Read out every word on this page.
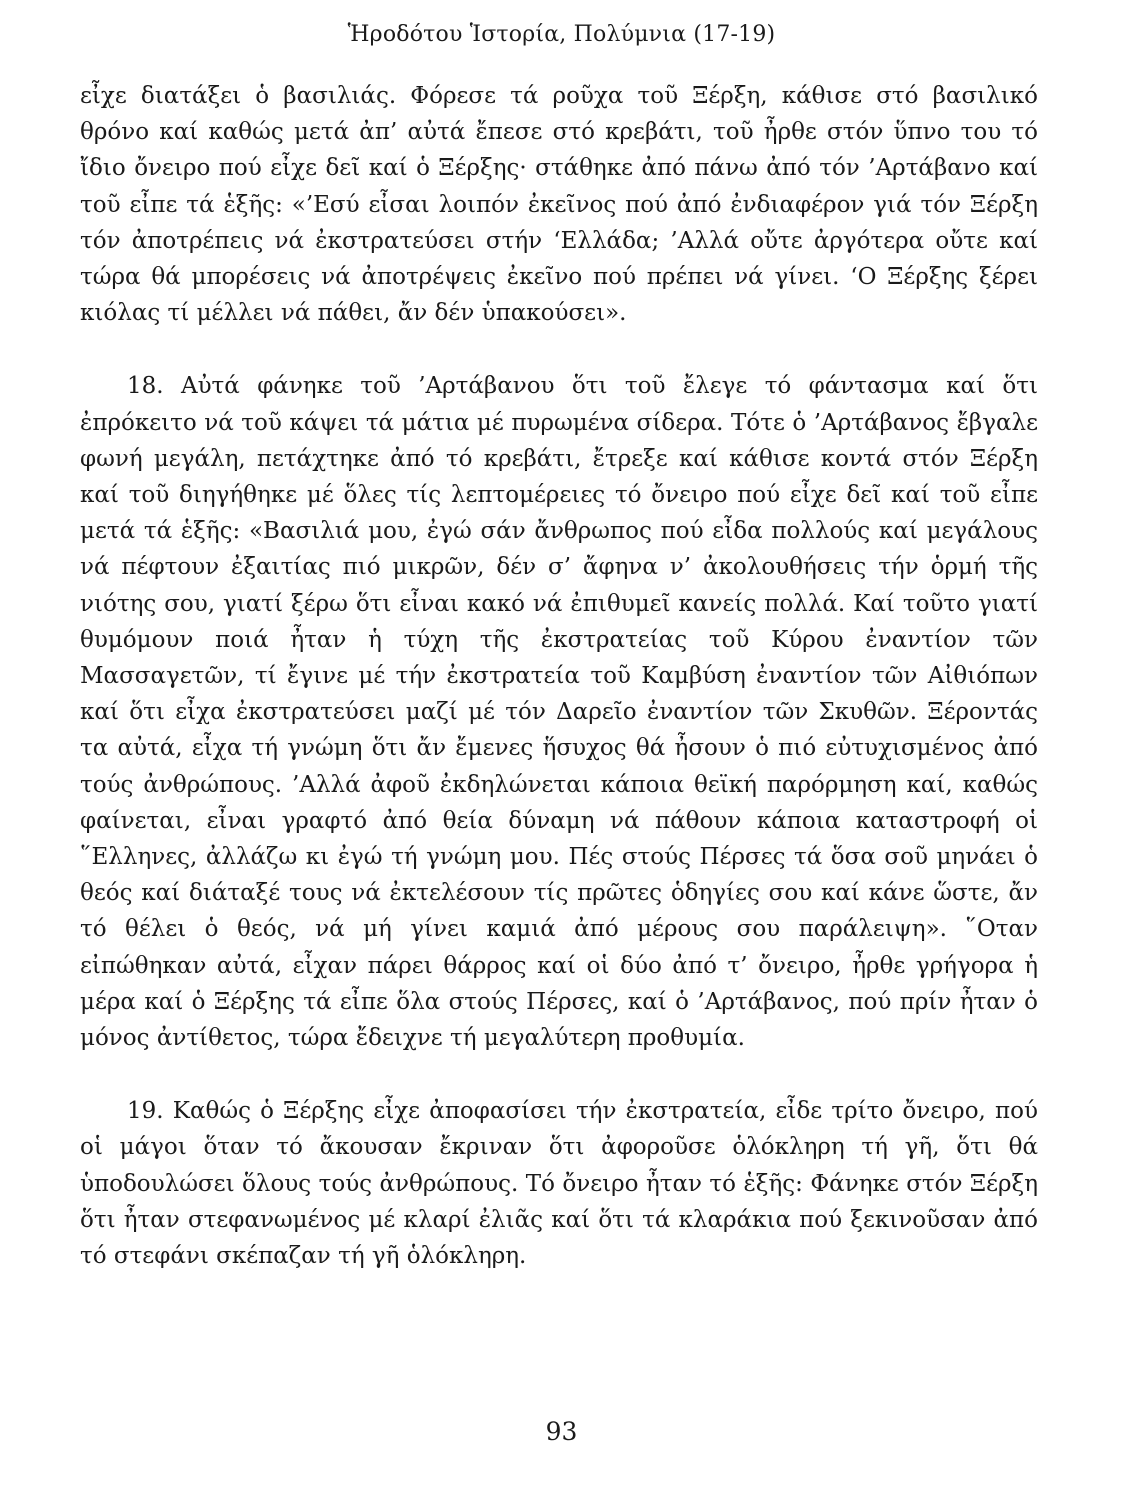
Ἡροδότου Ἱστορία, Πολύμνια (17-19)

εἶχε διατάξει ὁ βασιλιάς. Φόρεσε τά ροῦχα τοῦ Ξέρξη, κάθισε στό βασιλικό θρόνο καί καθώς μετά ἀπ’ αὐτά ἔπεσε στό κρεβάτι, τοῦ ἦρθε στόν ὕπνο του τό ἴδιο ὄνειρο πού εἶχε δεῖ καί ὁ Ξέρξης· στάθηκε ἀπό πάνω ἀπό τόν ’Αρτάβανο καί τοῦ εἶπε τά ἑξῆς: «’Εσύ εἶσαι λοιπόν ἐκεῖνος πού ἀπό ἐνδιαφέρον γιά τόν Ξέρξη τόν ἀποτρέπεις νά ἐκστρατεύσει στήν ‘Ελλάδα; ’Αλλά οὔτε ἀργότερα οὔτε καί τώρα θά μπορέσεις νά ἀποτρέψεις ἐκεῖνο πού πρέπει νά γίνει. ‘Ο Ξέρξης ξέρει κιόλας τί μέλλει νά πάθει, ἄν δέν ὑπακούσει».

18. Αὐτά φάνηκε τοῦ ’Αρτάβανου ὅτι τοῦ ἔλεγε τό φάντασμα καί ὅτι ἐπρόκειτο νά τοῦ κάψει τά μάτια μέ πυρωμένα σίδερα. Τότε ὁ ’Αρτάβανος ἔβγαλε φωνή μεγάλη, πετάχτηκε ἀπό τό κρεβάτι, ἔτρεξε καί κάθισε κοντά στόν Ξέρξη καί τοῦ διηγήθηκε μέ ὅλες τίς λεπτομέρειες τό ὄνειρο πού εἶχε δεῖ καί τοῦ εἶπε μετά τά ἑξῆς: «Βασιλιά μου, ἐγώ σάν ἄνθρωπος πού εἶδα πολλούς καί μεγάλους νά πέφτουν ἐξαιτίας πιό μικρῶν, δέν σ’ ἄφηνα ν’ ἀκολουθήσεις τήν ὁρμή τῆς νιότης σου, γιατί ξέρω ὅτι εἶναι κακό νά ἐπιθυμεῖ κανείς πολλά. Καί τοῦτο γιατί θυμόμουν ποιά ἦταν ἡ τύχη τῆς ἐκστρατείας τοῦ Κύρου ἐναντίον τῶν Μασσαγετῶν, τί ἔγινε μέ τήν ἐκστρατεία τοῦ Καμβύση ἐναντίον τῶν Αἰθιόπων καί ὅτι εἶχα ἐκστρατεύσει μαζί μέ τόν Δαρεῖο ἐναντίον τῶν Σκυθῶν. Ξέροντάς τα αὐτά, εἶχα τή γνώμη ὅτι ἄν ἔμενες ἥσυχος θά ἦσουν ὁ πιό εὐτυχισμένος ἀπό τούς ἀνθρώπους. ’Αλλά ἀφοῦ ἐκδηλώνεται κάποια θεϊκή παρόρμηση καί, καθώς φαίνεται, εἶναι γραφτό ἀπό θεία δύναμη νά πάθουν κάποια καταστροφή οἱ ῞Ελληνες, ἀλλάζω κι ἐγώ τή γνώμη μου. Πές στούς Πέρσες τά ὅσα σοῦ μηνάει ὁ θεός καί διάταξέ τους νά ἐκτελέσουν τίς πρῶτες ὁδηγίες σου καί κάνε ὥστε, ἄν τό θέλει ὁ θεός, νά μή γίνει καμιά ἀπό μέρους σου παράλειψη». ῞Οταν εἰπώθηκαν αὐτά, εἶχαν πάρει θάρρος καί οἱ δύο ἀπό τ’ ὄνειρο, ἦρθε γρήγορα ἡ μέρα καί ὁ Ξέρξης τά εἶπε ὅλα στούς Πέρσες, καί ὁ ’Αρτάβανος, πού πρίν ἦταν ὁ μόνος ἀντίθετος, τώρα ἔδειχνε τή μεγαλύτερη προθυμία.

19. Καθώς ὁ Ξέρξης εἶχε ἀποφασίσει τήν ἐκστρατεία, εἶδε τρίτο ὄνειρο, πού οἱ μάγοι ὅταν τό ἄκουσαν ἔκριναν ὅτι ἀφοροῦσε ὁλόκληρη τή γῆ, ὅτι θά ὑποδουλώσει ὅλους τούς ἀνθρώπους. Τό ὄνειρο ἦταν τό ἑξῆς: Φάνηκε στόν Ξέρξη ὅτι ἦταν στεφανωμένος μέ κλαρί ἐλιᾶς καί ὅτι τά κλαράκια πού ξεκινοῦσαν ἀπό τό στεφάνι σκέπαζαν τή γῆ ὁλόκληρη.

93
